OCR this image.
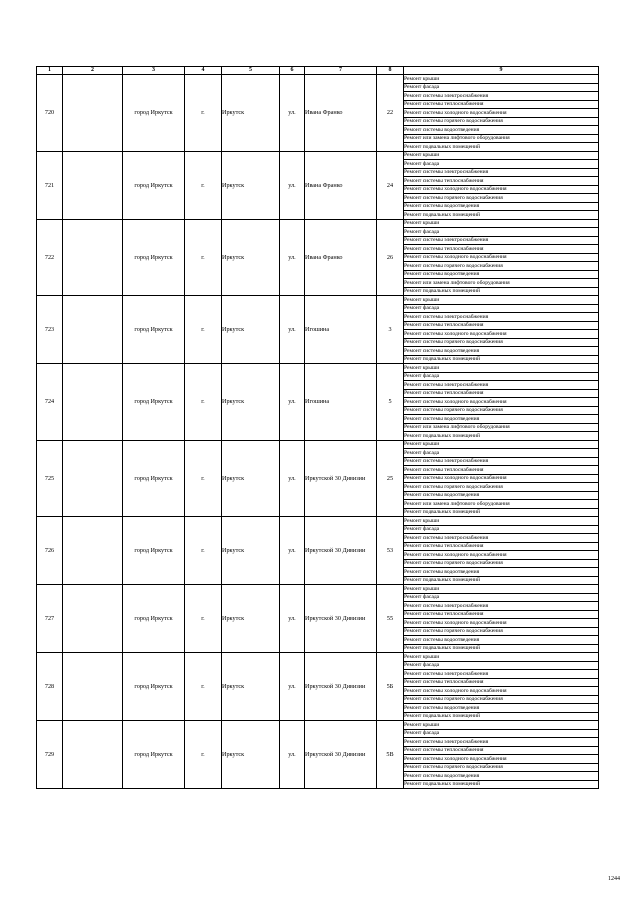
1	2	3	4	5	6	7	8	9
720		город Иркутск	г.	Иркутск	ул.	Ивана Франко	22	Ремонт крыши
								Ремонт фасада
								Ремонт системы электроснабжения
								Ремонт системы теплоснабжения
								Ремонт системы холодного водоснабжения
								Ремонт системы горячего водоснабжения
								Ремонт системы водоотведения
								Ремонт или замена лифтового оборудования
								Ремонт подвальных помещений
721		город Иркутск	г.	Иркутск	ул.	Ивана Франко	24	Ремонт крыши
								Ремонт фасада
								Ремонт системы электроснабжения
								Ремонт системы теплоснабжения
								Ремонт системы холодного водоснабжения
								Ремонт системы горячего водоснабжения
								Ремонт системы водоотведения
								Ремонт подвальных помещений
722		город Иркутск	г.	Иркутск	ул.	Ивана Франко	26	Ремонт крыши
								Ремонт фасада
								Ремонт системы электроснабжения
								Ремонт системы теплоснабжения
								Ремонт системы холодного водоснабжения
								Ремонт системы горячего водоснабжения
								Ремонт системы водоотведения
								Ремонт или замена лифтового оборудования
								Ремонт подвальных помещений
723		город Иркутск	г.	Иркутск	ул.	Игошина	3	Ремонт крыши
								Ремонт фасада
								Ремонт системы электроснабжения
								Ремонт системы теплоснабжения
								Ремонт системы холодного водоснабжения
								Ремонт системы горячего водоснабжения
								Ремонт системы водоотведения
								Ремонт подвальных помещений
724		город Иркутск	г.	Иркутск	ул.	Игошина	5	Ремонт крыши
								Ремонт фасада
								Ремонт системы электроснабжения
								Ремонт системы теплоснабжения
								Ремонт системы холодного водоснабжения
								Ремонт системы горячего водоснабжения
								Ремонт системы водоотведения
								Ремонт или замена лифтового оборудования
								Ремонт подвальных помещений
725		город Иркутск	г.	Иркутск	ул.	Иркутской 30 Дивизии	25	Ремонт крыши
								Ремонт фасада
								Ремонт системы электроснабжения
								Ремонт системы теплоснабжения
								Ремонт системы холодного водоснабжения
								Ремонт системы горячего водоснабжения
								Ремонт системы водоотведения
								Ремонт или замена лифтового оборудования
								Ремонт подвальных помещений
726		город Иркутск	г.	Иркутск	ул.	Иркутской 30 Дивизии	53	Ремонт крыши
								Ремонт фасада
								Ремонт системы электроснабжения
								Ремонт системы теплоснабжения
								Ремонт системы холодного водоснабжения
								Ремонт системы горячего водоснабжения
								Ремонт системы водоотведения
								Ремонт подвальных помещений
727		город Иркутск	г.	Иркутск	ул.	Иркутской 30 Дивизии	55	Ремонт крыши
								Ремонт фасада
								Ремонт системы электроснабжения
								Ремонт системы теплоснабжения
								Ремонт системы холодного водоснабжения
								Ремонт системы горячего водоснабжения
								Ремонт системы водоотведения
								Ремонт подвальных помещений
728		город Иркутск	г.	Иркутск	ул.	Иркутской 30 Дивизии	5Б	Ремонт крыши
								Ремонт фасада
								Ремонт системы электроснабжения
								Ремонт системы теплоснабжения
								Ремонт системы холодного водоснабжения
								Ремонт системы горячего водоснабжения
								Ремонт системы водоотведения
								Ремонт подвальных помещений
729		город Иркутск	г.	Иркутск	ул.	Иркутской 30 Дивизии	5В	Ремонт крыши
								Ремонт фасада
								Ремонт системы электроснабжения
								Ремонт системы теплоснабжения
								Ремонт системы холодного водоснабжения
								Ремонт системы горячего водоснабжения
								Ремонт системы водоотведения
								Ремонт подвальных помещений
1244
